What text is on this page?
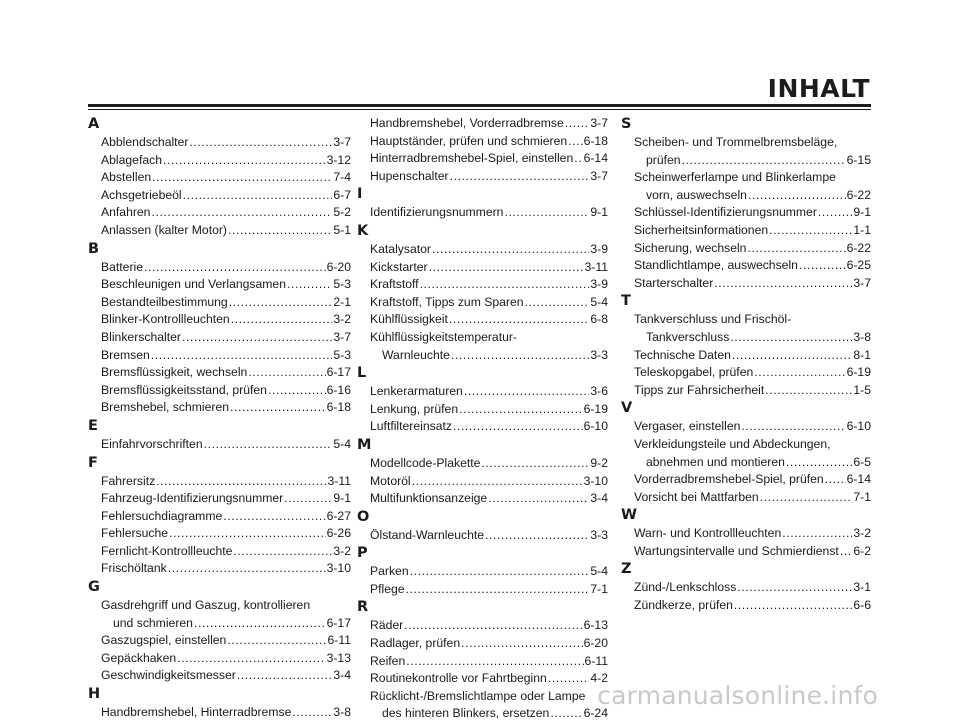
INHALT
A
Abblendschalter .....	3-7
Ablagefach .....	3-12
Abstellen .....	7-4
Achsgetriebeöl .....	6-7
Anfahren .....	5-2
Anlassen (kalter Motor) .....	5-1
B
Batterie .....	6-20
Beschleunigen und Verlangsamen .....	5-3
Bestandteilbestimmung .....	2-1
Blinker-Kontrollleuchten .....	3-2
Blinkerschalter .....	3-7
Bremsen .....	5-3
Bremsflüssigkeit, wechseln .....	6-17
Bremsflüssigkeitsstand, prüfen .....	6-16
Bremshebel, schmieren .....	6-18
E
Einfahrvorschriften .....	5-4
F
Fahrersitz .....	3-11
Fahrzeug-Identifizierungsnummer .....	9-1
Fehlersuchdiagramme .....	6-27
Fehlersuche .....	6-26
Fernlicht-Kontrollleuchte .....	3-2
Frischöltank .....	3-10
G
Gasdrehgriff und Gaszug, kontrollieren
und schmieren .....	6-17
Gaszugspiel, einstellen .....	6-11
Gepäckhaken .....	3-13
Geschwindigkeitsmesser .....	3-4
H
Handbremshebel, Hinterradbremse .....	3-8
Handbremshebel, Vorderradbremse ..... 3-7
Hauptständer, prüfen und schmieren ..... 6-18
Hinterradbremshebel-Spiel, einstellen ..... 6-14
Hupenschalter .....	3-7
I
Identifizierungsnummern .....	9-1
K
Katalysator .....	3-9
Kickstarter .....	3-11
Kraftstoff .....	3-9
Kraftstoff, Tipps zum Sparen .....	5-4
Kühlflüssigkeit .....	6-8
Kühlflüssigkeitstemperatur-
Warnleuchte .....	3-3
L
Lenkerarmaturen .....	3-6
Lenkung, prüfen .....	6-19
Luftfiltereinsatz .....	6-10
M
Modellcode-Plakette .....	9-2
Motoröl .....	3-10
Multifunktionsanzeige .....	3-4
O
Ölstand-Warnleuchte .....	3-3
P
Parken .....	5-4
Pflege .....	7-1
R
Räder .....	6-13
Radlager, prüfen .....	6-20
Reifen .....	6-11
Routinekontrolle vor Fahrtbeginn .....	4-2
Rücklicht-/Bremslichtlampe oder Lampe
des hinteren Blinkers, ersetzen .....	6-24
S
Scheiben- und Trommelbremsbeläge,
prüfen .....	6-15
Scheinwerferlampe und Blinkerlampe
vorn, auswechseln .....	6-22
Schlüssel-Identifizierungsnummer .....	9-1
Sicherheitsinformationen .....	1-1
Sicherung, wechseln .....	6-22
Standlichtlampe, auswechseln .....	6-25
Starterschalter .....	3-7
T
Tankverschluss und Frischöl-
Tankverschluss .....	3-8
Technische Daten .....	8-1
Teleskopgabel, prüfen .....	6-19
Tipps zur Fahrsicherheit .....	1-5
V
Vergaser, einstellen .....	6-10
Verkleidungsteile und Abdeckungen,
abnehmen und montieren .....	6-5
Vorderradbremshebel-Spiel, prüfen ..... 6-14
Vorsicht bei Mattfarben .....	7-1
W
Warn- und Kontrollleuchten .....	3-2
Wartungsintervalle und Schmierdienst ..... 6-2
Z
Zünd-/Lenkschloss .....	3-1
Zündkerze, prüfen .....	6-6
carmanualsonline.info
